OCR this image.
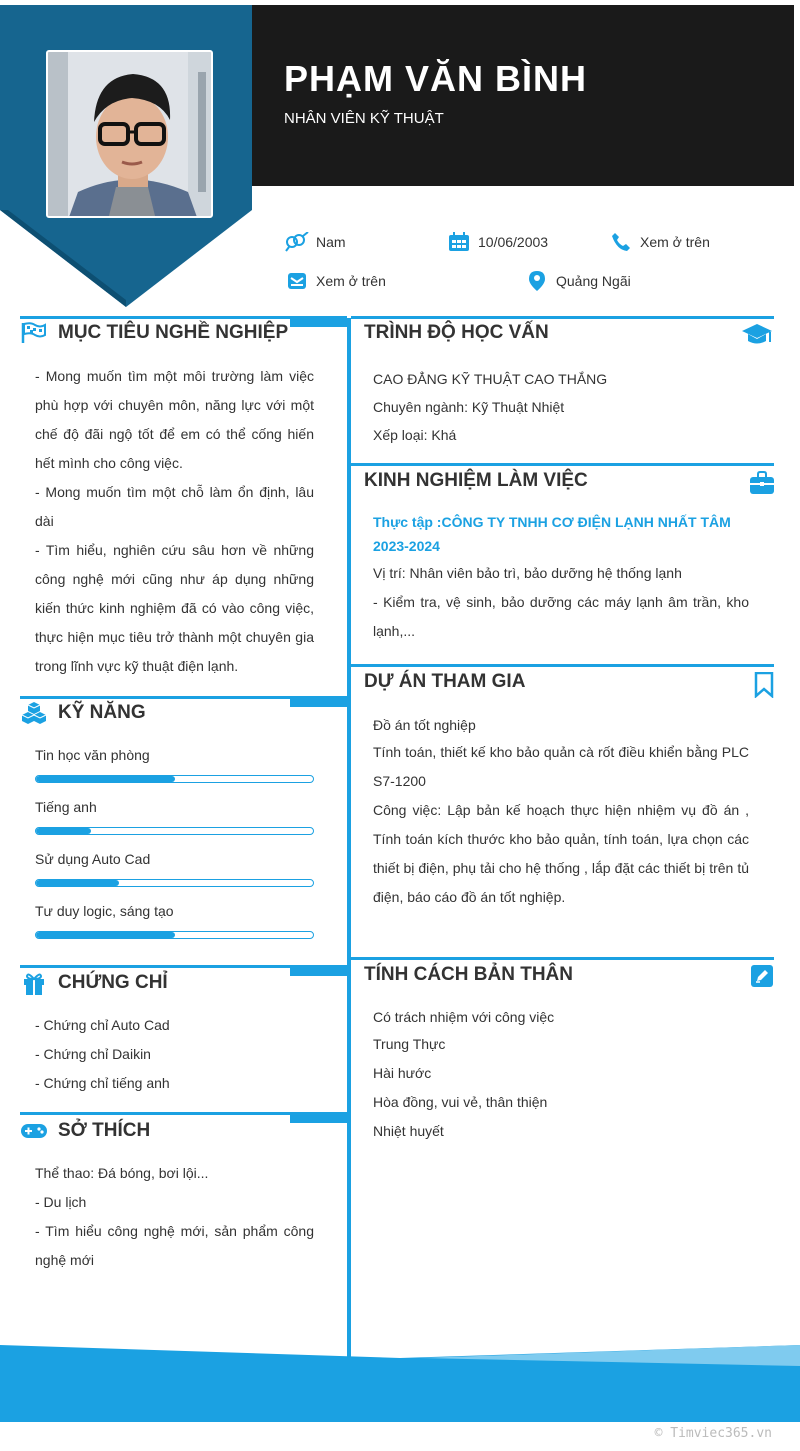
PHẠM VĂN BÌNH
NHÂN VIÊN KỸ THUẬT
Nam	10/06/2003	Xem ở trên
Xem ở trên	Quảng Ngãi
MỤC TIÊU NGHỀ NGHIỆP
- Mong muốn tìm một môi trường làm việc phù hợp với chuyên môn, năng lực với một chế độ đãi ngộ tốt để em có thể cống hiến hết mình cho công việc.
- Mong muốn tìm một chỗ làm ổn định, lâu dài
- Tìm hiểu, nghiên cứu sâu hơn về những công nghệ mới cũng như áp dụng những kiến thức kinh nghiệm đã có vào công việc, thực hiện mục tiêu trở thành một chuyên gia trong lĩnh vực kỹ thuật điện lạnh.
KỸ NĂNG
Tin học văn phòng
Tiếng anh
Sử dụng Auto Cad
Tư duy logic, sáng tạo
CHỨNG CHỈ
- Chứng chỉ Auto Cad
- Chứng chỉ Daikin
- Chứng chỉ tiếng anh
SỞ THÍCH
Thể thao: Đá bóng, bơi lội...
- Du lịch
- Tìm hiểu công nghệ mới, sản phẩm công nghệ mới
TRÌNH ĐỘ HỌC VẤN
CAO ĐẲNG KỸ THUẬT CAO THẮNG
Chuyên ngành: Kỹ Thuật Nhiệt
Xếp loại: Khá
KINH NGHIỆM LÀM VIỆC
Thực tập :CÔNG TY TNHH CƠ ĐIỆN LẠNH NHẤT TÂM
2023-2024
Vị trí: Nhân viên bảo trì, bảo dưỡng hệ thống lạnh
- Kiểm tra, vệ sinh, bảo dưỡng các máy lạnh âm trần, kho lạnh,...
DỰ ÁN THAM GIA
Đồ án tốt nghiệp
Tính toán, thiết kế kho bảo quản cà rốt điều khiển bằng PLC S7-1200
Công việc: Lập bản kế hoạch thực hiện nhiệm vụ đồ án , Tính toán kích thước kho bảo quản, tính toán, lựa chọn các thiết bị điện, phụ tải cho hệ thống , lắp đặt các thiết bị trên tủ điện, báo cáo đồ án tốt nghiệp.
TÍNH CÁCH BẢN THÂN
Có trách nhiệm với công việc
Trung Thực
Hài hước
Hòa đồng, vui vẻ, thân thiện
Nhiệt huyết
© Timviec365.vn
